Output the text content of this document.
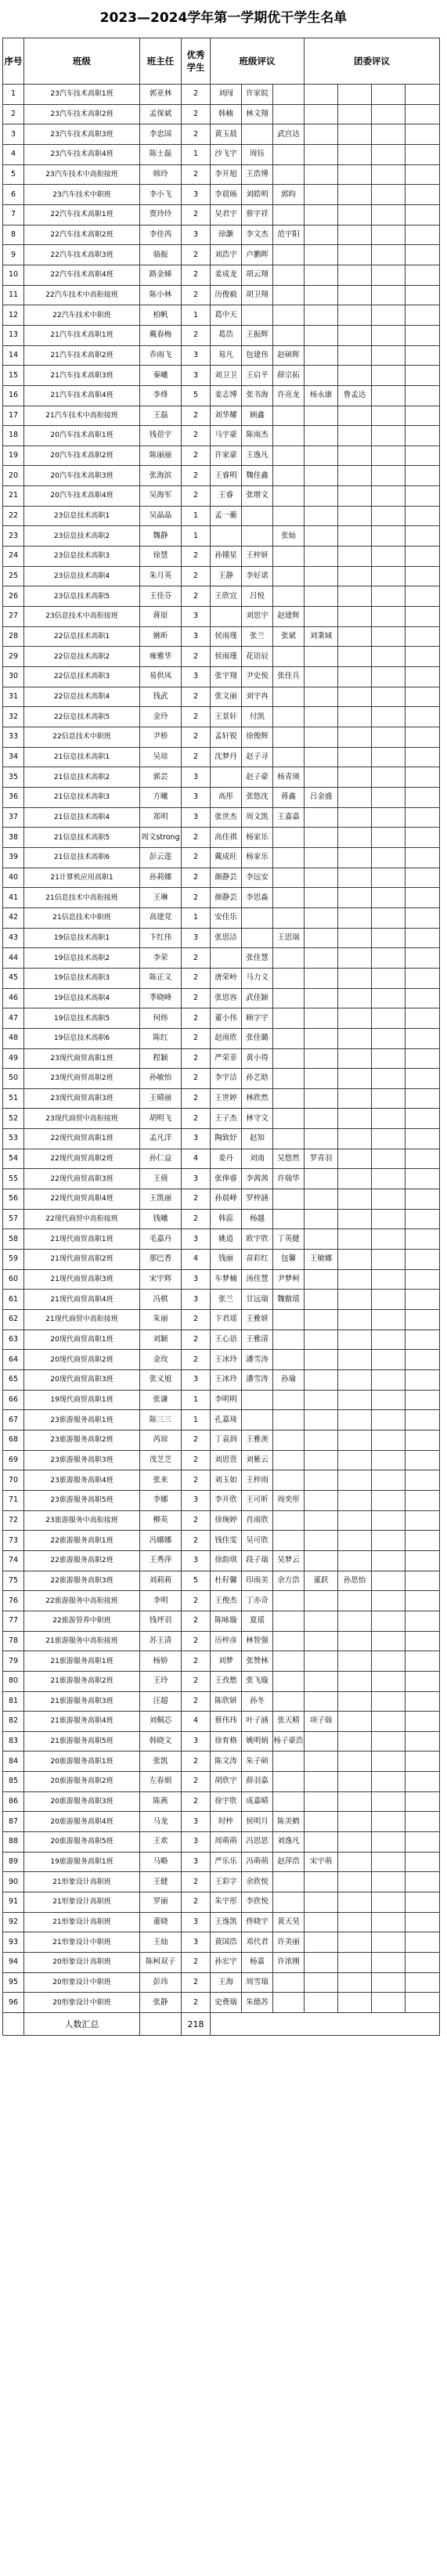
2023—2024学年第一学期优干学生名单
序号	班级	班主任	优秀学生	班级评议			团委评议			
1	23汽车技术高职1班	郭亚林	2	刘闯	许家皖					
2	23汽车技术高职2班	孟保斌	2	韩楠	林文翔					
3	23汽车技术高职3班	李忠国	2	黄玉晨		武宫达				
4	23汽车技术高职4班	陈士磊	1	沙飞宇	周钰					
5	23汽车技术中高衔接班	韩玲	2	李开旭	王浩博					
6	23汽车技术中职班	李小飞	3	李晨旸	刘皓明	郭昀				
7	22汽车技术高职1班	贾玲玲	2	吴君宇	蔡宇祥					
8	22汽车技术高职2班	李佳芮	3	徐灏	李文杰	范宇阳				
9	22汽车技术高职3班	骆振	2	刘浩宇	卢鹏晖					
10	22汽车技术高职4班	路金娣	2	姜成龙	胡云翔					
11	22汽车技术中高衔接班	陈小林	2	历俊毅	胡卫翔					
12	22汽车技术中职班	柏帆	1	葛中天						
13	21汽车技术高职1班	戴春梅	2	葛浩	王振辉					
14	21汽车技术高职2班	乔雨飞	3	易凡	包建伟	赵硕晖				
15	21汽车技术高职3班	秦曦	3	刘卫卫	王启平	薛宗拓				
16	21汽车技术高职4班	李烽	5	姜志博	张书海	许亮龙	杨永康	鲁孟达		
17	21汽车技术中高衔接班	王磊	2	刘华耀	顾鑫					
18	20汽车技术高职1班	钱蓓宇	2	马宇豪	陈雨杰					
19	20汽车技术高职2班	陈丽丽	2	许家豪	王逸凡					
20	20汽车技术高职3班	张海滨	2	王睿明	魏佳鑫					
21	20汽车技术高职4班	吴海军	2	王睿	张增文					
22	23信息技术高职1	吴晶晶	1	孟一蘅						
23	23信息技术高职2	魏静	1			张灿				
24	23信息技术高职3	徐慧	2	孙锺星	王梓妍					
25	23信息技术高职4	朱月英	2	王静	李好诺					
26	23信息技术高职5	王佳芬	2	王欣宜	吕悦					
27	23信息技术中高衔接班	蒋原	3		刘思宇	赵建辉				
28	22信息技术高职1	姚昕	3	侯雨瑾	张兰	张斌	刘秉域			
29	22信息技术高职2	雍雅华	2	侯雨瑾	花语辰					
30	22信息技术高职3	易供凤	3	张宇翔	尹史悦	张佳兵				
31	22信息技术高职4	钱武	2	张文丽	刘宇冉					
32	22信息技术高职5	金玲	2	王景轩	付凯					
33	22信息技术中职班	尹桥	2	孟轩锐	徐俊辉					
34	21信息技术高职1	吴琼	2	沈梦丹	赵子寻					
35	21信息技术高职2	郭芸	3		赵子豪	杨青瑛				
36	21信息技术高职3	方曦	3	高彤	张悠沈	蒋鑫	吕金盛			
37	21信息技术高职4	郑明	3	张世杰	周文凯	王嘉嘉				
38	21信息技术高职5	周文strong	2	高佳祺	杨家乐					
39	21信息技术高职6	彭云莲	2	戴成旺	杨家乐					
40	21计算机应用高职1	孙莉娜	2	颜静芸	李远安					
41	21信息技术中高衔接班	王琳	2	颜静芸	李思淼					
42	21信息技术中职班	高建党	1	安佳乐						
43	19信息技术高职1	卞红伟	3	张思洁		王思瑞				
44	19信息技术高职2	李荣	2		张佳慧					
45	19信息技术高职3	陈正文	2	唐荣岭	马力文					
46	19信息技术高职4	季晓峰	2	张思容	武佳颖					
47	19信息技术高职5	何炜	2	董小伟	顾字宇					
48	19信息技术高职6	陈红	2	赵雨欣	张佳璐					
49	23现代商贸高职1班	程颖	2	严荣菲	黄小得					
50	23现代商贸高职2班	孙敏怡	2	李宇洁	孙艺晗					
51	23现代商贸高职3班	王晴丽	2	王世婷	林欣然					
52	23现代商贸中高衔接班	胡明飞	2	王子杰	林守文					
53	22现代商贸高职1班	孟凡洋	3	陶致妤	赵知					
54	22现代商贸高职2班	孙仁益	4	姜丹	刘南	吴悠然	罗青羽			
55	22现代商贸高职3班	王倩	3	张俸睿	李茜茜	许瑞华				
56	22现代商贸高职4班	王凯丽	2	孙晨峰	罗梓涵					
57	22现代商贸中高衔接班	钱曦	2	韩蕊	杨越					
58	21现代商贸高职1班	毛嘉丹	3	姚逍	欧宇欣	丁英健				
59	21现代商贸高职2班	那巴香	4	钱丽	苗彩红	包馨	王敏娜			
60	21现代商贸高职3班	宋宇辉	3	车梦楠	汤佳慧	尹梦柯				
61	21现代商贸高职4班	冯棋	3	张兰	甘远瑞	魏傲瑶				
62	21现代商贸中高衔接班	朱丽	2	卞君瑶	王雅妍					
63	20现代商贸高职1班	刘颖	2	王心语	王雅清					
64	20现代商贸高职2班	金玫	2	王冰玲	潘雪涛					
65	20现代商贸高职3班	张义旭	3	王冰玲	潘雪涛	孙瑜				
66	19现代商贸高职1班	张谦	1	李明明						
67	23旅游服务高职1班	陈三三	1	孔嘉琦						
68	23旅游服务高职2班	芮琼	2	丁袁润	王雅羡					
69	23旅游服务高职3班	茂芝芝	2	刘思萱	刘紫云					
70	23旅游服务高职4班	张来	2	刘玉如	王梓雨					
71	23旅游服务高职5班	李娜	3	李开欣	王可昕	周奕彤				
72	23旅游服务中高衔接班	柳英	2	徐琬婷	肖雨欣					
73	22旅游服务高职1班	冯娜娜	2	钱佳雯	吴可欣					
74	22旅游服务高职2班	王秀萍	3	徐韵琪	段子瑞	吴梦云				
75	22旅游服务高职3班	刘莉莉	5	杜秄馨	印雨美	余方浩	董跃	孙思怡		
76	22旅游服务中高衔接班	李明	2	王俊杰	丁亦奇					
77	22旅游管养中职班	钱坪羽	2	陈咏璇	夏瑶					
78	21旅游服务中高衔接班	苏王清	2	历梓彦	林智强					
79	21旅游服务高职1班	杨娇	2	刘梦	张赞林					
80	21旅游服务高职2班	王玲	2	王孜愁	张飞璇					
81	21旅游服务高职3班	汪超	2	陈欣妍	孙冬					
82	21旅游服务高职4班	刘佩芯	4	蔡伟玮	叶子涵	张天精	项子瑞			
83	21旅游服务高职5班	韩晓文	3	徐育格	姚明炳	杨子豪浩				
84	20旅游服务高职1班	张凯	2	陈文涛	朱子硕					
85	20旅游服务高职2班	左春娟	2	胡欣宇	薛羽嘉					
86	20旅游服务高职3班	陈燕	2	徐宇欣	成嘉晴					
87	20旅游服务高职4班	马龙	3	时梓	侯明月	陈美鹤				
88	20旅游服务高职5班	王欢	3	周萌萌	冯思思	刘逸凡				
89	19旅游服务高职1班	马略	3	严乐乐	冯萌萌	赵萍浩	宋宇萌			
90	21形象设计高职班	王健	2	王彩字	余欣悦					
91	21形象设计高职班	罗丽	2	朱宇彤	李欣悦					
92	21形象设计高职班	董晓	3	王逸凯	佟晓宇	黄天昊				
93	21形象设计中职班	王灿	3	黄国浩	邓代君	许美丽				
94	20形象设计高职班	陈柯双子	2	孙宏宇	杨嘉	许浓刚				
95	20形象设计中职班	彭玮	2	王海	周雪瑞					
96	20形象设计中职班	张静	2	史费瑞	朱德苏					
	人数汇总		218							
